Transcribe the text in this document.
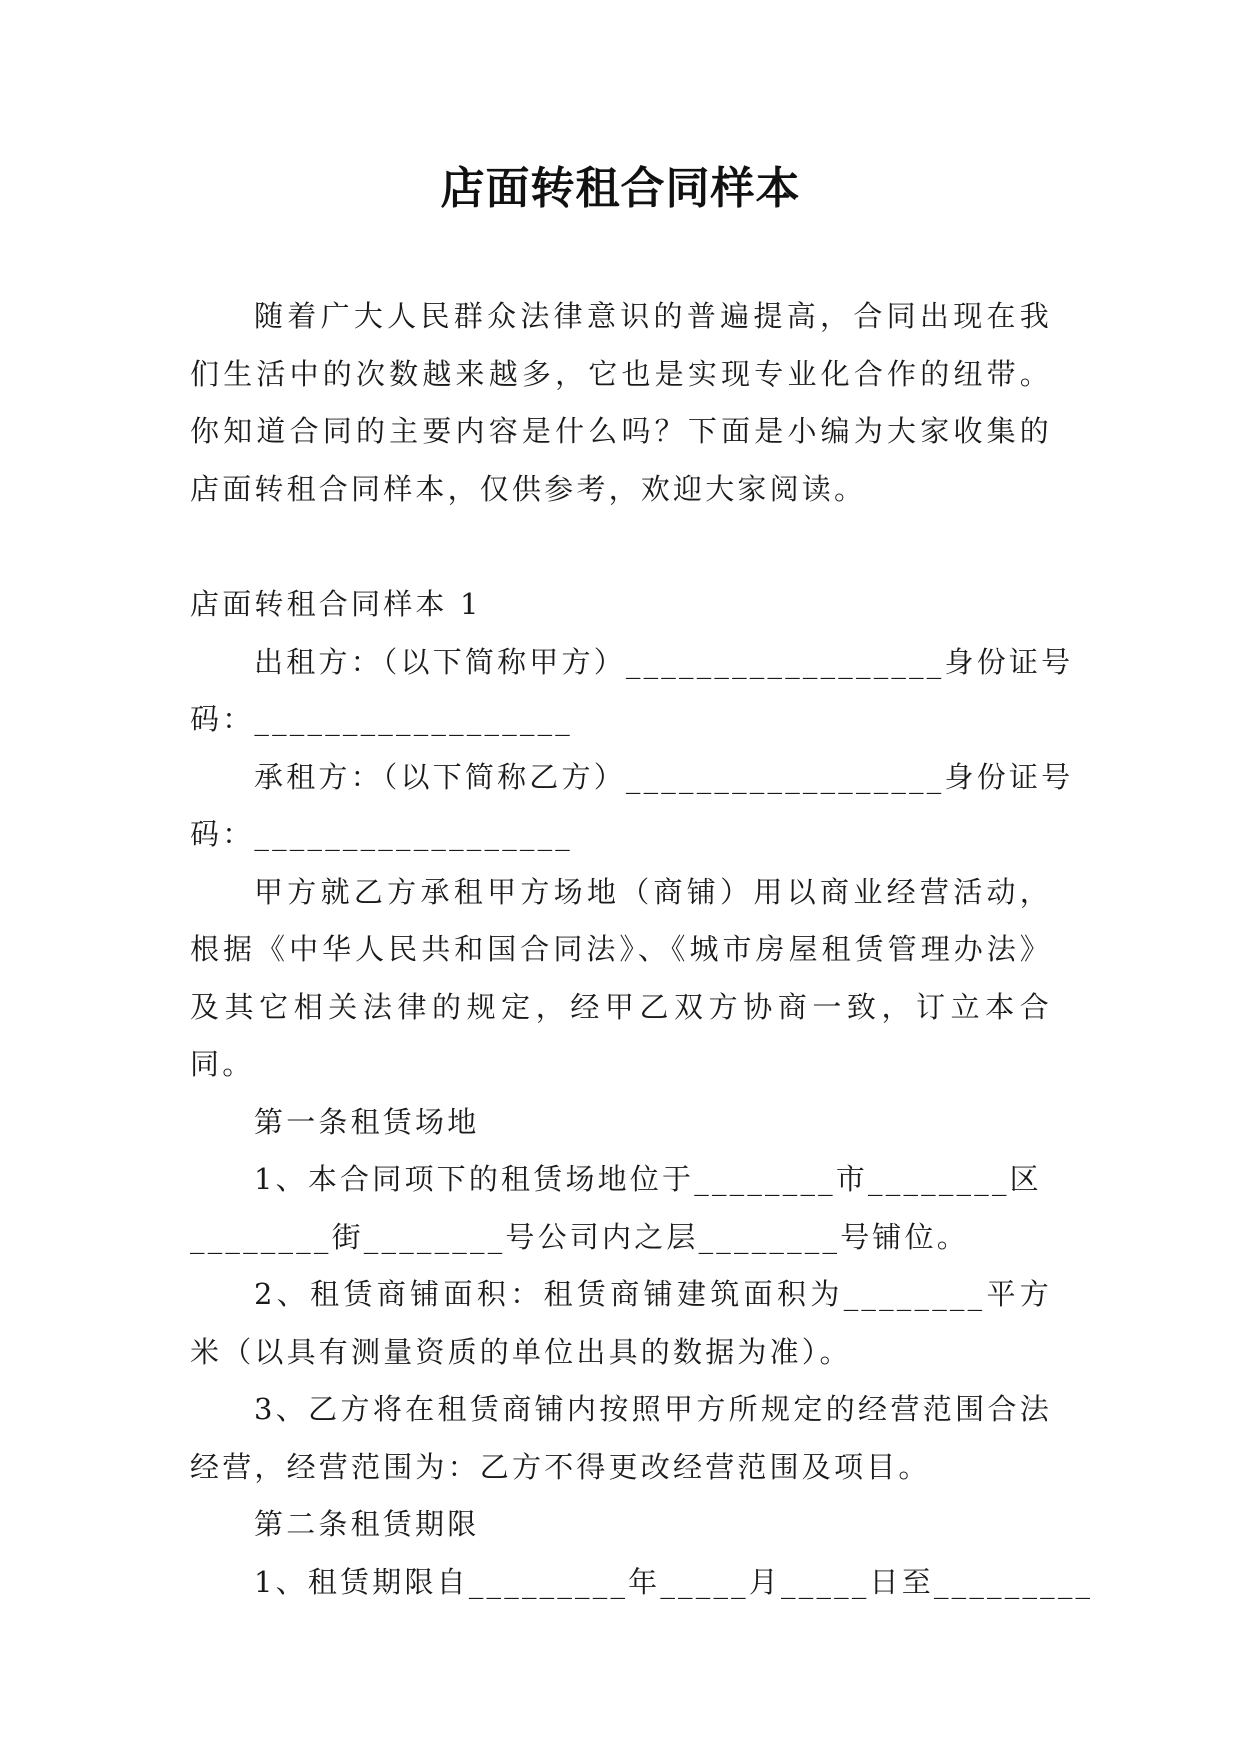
店面转租合同样本

随着广大人民群众法律意识的普遍提高，合同出现在我们生活中的次数越来越多，它也是实现专业化合作的纽带。你知道合同的主要内容是什么吗？下面是小编为大家收集的店面转租合同样本，仅供参考，欢迎大家阅读。

店面转租合同样本 1

出租方：（以下简称甲方）__________________身份证号
码：__________________

承租方：（以下简称乙方）__________________身份证号
码：__________________

甲方就乙方承租甲方场地（商铺）用以商业经营活动，根据《中华人民共和国合同法》、《城市房屋租赁管理办法》及其它相关法律的规定，经甲乙双方协商一致，订立本合同。

第一条租赁场地

1、本合同项下的租赁场地位于________市________区
________街________号公司内之层________号铺位。

2、租赁商铺面积：租赁商铺建筑面积为________平方米（以具有测量资质的单位出具的数据为准）。

3、乙方将在租赁商铺内按照甲方所规定的经营范围合法经营，经营范围为：乙方不得更改经营范围及项目。

第二条租赁期限

1、租赁期限自_________年_____月_____日至_________
